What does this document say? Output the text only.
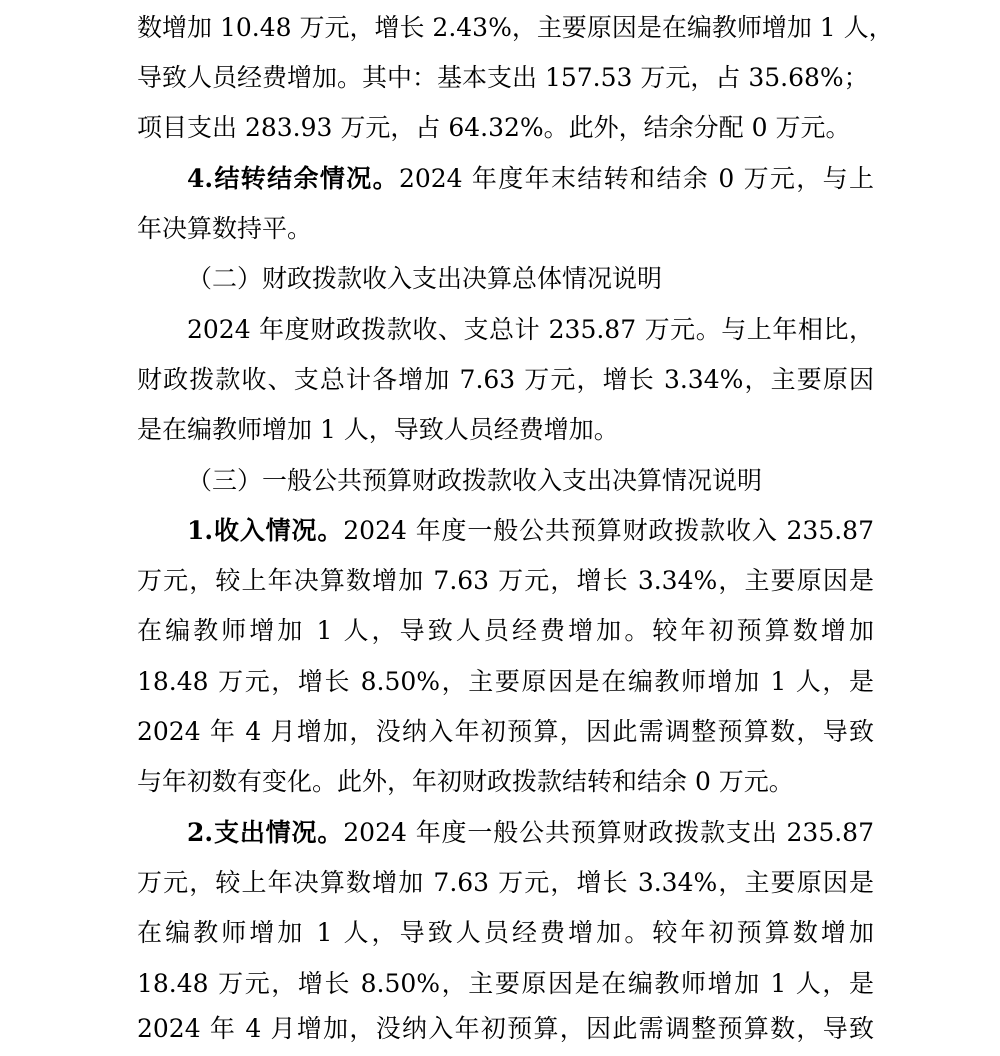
数增加 10.48 万元，增长 2.43%，主要原因是在编教师增加 1 人，
导致人员经费增加。其中：基本支出 157.53 万元，占 35.68%；
项目支出 283.93 万元，占 64.32%。此外，结余分配 0 万元。
4.结转结余情况。2024 年度年末结转和结余 0 万元，与上
年决算数持平。
（二）财政拨款收入支出决算总体情况说明
2024 年度财政拨款收、支总计 235.87 万元。与上年相比，
财政拨款收、支总计各增加 7.63 万元，增长 3.34%，主要原因
是在编教师增加 1 人，导致人员经费增加。
（三）一般公共预算财政拨款收入支出决算情况说明
1.收入情况。2024 年度一般公共预算财政拨款收入 235.87
万元，较上年决算数增加 7.63 万元，增长 3.34%，主要原因是
在编教师增加 1 人，导致人员经费增加。较年初预算数增加
18.48 万元，增长 8.50%，主要原因是在编教师增加 1 人，是
2024 年 4 月增加，没纳入年初预算，因此需调整预算数，导致
与年初数有变化。此外，年初财政拨款结转和结余 0 万元。
2.支出情况。2024 年度一般公共预算财政拨款支出 235.87
万元，较上年决算数增加 7.63 万元，增长 3.34%，主要原因是
在编教师增加 1 人，导致人员经费增加。较年初预算数增加
18.48 万元，增长 8.50%，主要原因是在编教师增加 1 人，是
2024 年 4 月增加，没纳入年初预算，因此需调整预算数，导致
